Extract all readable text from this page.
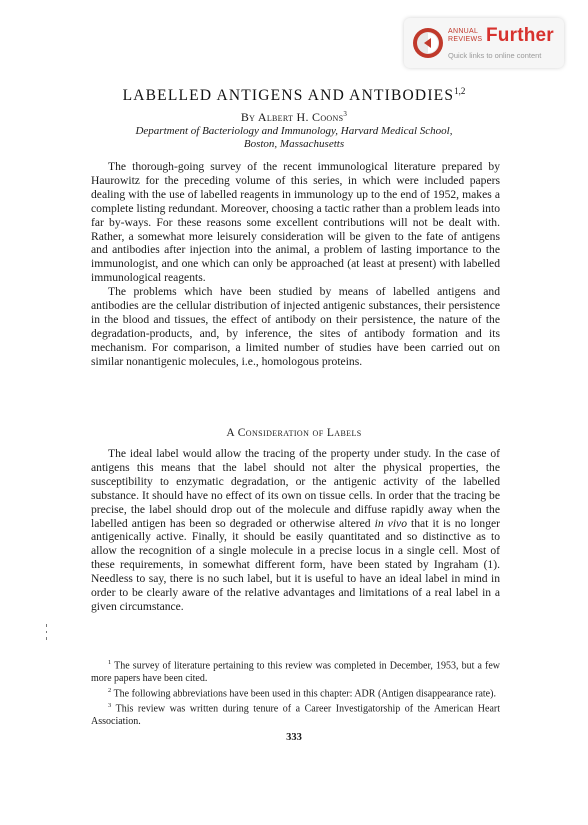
ANNUAL
REVIEWS Further
Quick links to online content
LABELLED ANTIGENS AND ANTIBODIES$^{1,2}$
By Albert H. Coons$^3$
Department of Bacteriology and Immunology, Harvard Medical School,
Boston, Massachusetts

The thorough-going survey of the recent immunological literature prepared by Haurowitz for the preceding volume of this series, in which were included papers dealing with the use of labelled reagents in immunology up to the end of 1952, makes a complete listing redundant. Moreover, choosing a tactic rather than a problem leads into far by-ways. For these reasons some excellent contributions will not be dealt with. Rather, a somewhat more leisurely consideration will be given to the fate of antigens and antibodies after injection into the animal, a problem of lasting importance to the immunologist, and one which can only be approached (at least at present) with labelled immunological reagents.

The problems which have been studied by means of labelled antigens and antibodies are the cellular distribution of injected antigenic substances, their persistence in the blood and tissues, the effect of antibody on their persistence, the nature of the degradation-products, and, by inference, the sites of antibody formation and its mechanism. For comparison, a limited number of studies have been carried out on similar nonantigenic molecules, i.e., homologous proteins.

A Consideration of Labels

The ideal label would allow the tracing of the property under study. In the case of antigens this means that the label should not alter the physical properties, the susceptibility to enzymatic degradation, or the antigenic activity of the labelled substance. It should have no effect of its own on tissue cells. In order that the tracing be precise, the label should drop out of the molecule and diffuse rapidly away when the labelled antigen has been so degraded or otherwise altered in vivo that it is no longer antigenically active. Finally, it should be easily quantitated and so distinctive as to allow the recognition of a single molecule in a precise locus in a single cell. Most of these requirements, in somewhat different form, have been stated by Ingraham (1). Needless to say, there is no such label, but it is useful to have an ideal label in mind in order to be clearly aware of the relative advantages and limitations of a real label in a given circumstance.

$^1$ The survey of literature pertaining to this review was completed in December, 1953, but a few more papers have been cited.

$^2$ The following abbreviations have been used in this chapter: ADR (Antigen disappearance rate).

$^3$ This review was written during tenure of a Career Investigatorship of the American Heart Association.

333
